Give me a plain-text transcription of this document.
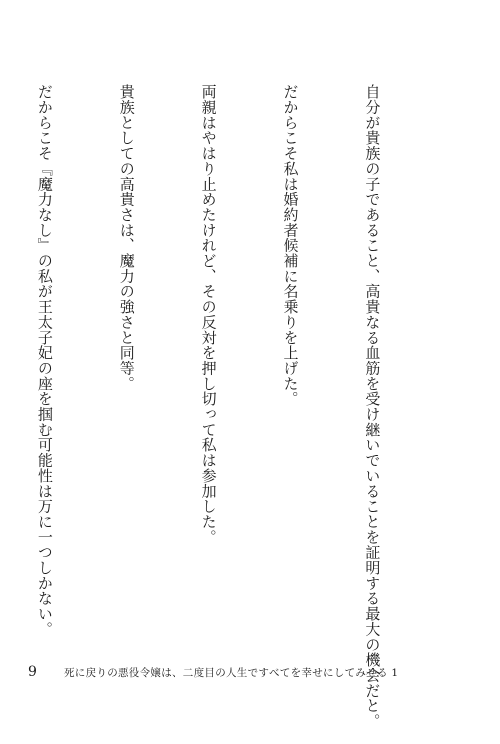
自分が貴族の子であること、高貴なる血筋を受け継いでいることを証明する最大の機会だと。

だからこそ私は婚約者候補に名乗りを上げた。

両親はやはり止めたけれど、その反対を押し切って私は参加した。

貴族としての高貴さは、魔力の強さと同等。

だからこそ『魔力なし』の私が王太子妃の座を掴む可能性は万に一つしかない。

9	死に戻りの悪役令嬢は、二度目の人生ですべてを幸せにしてみせる 1
